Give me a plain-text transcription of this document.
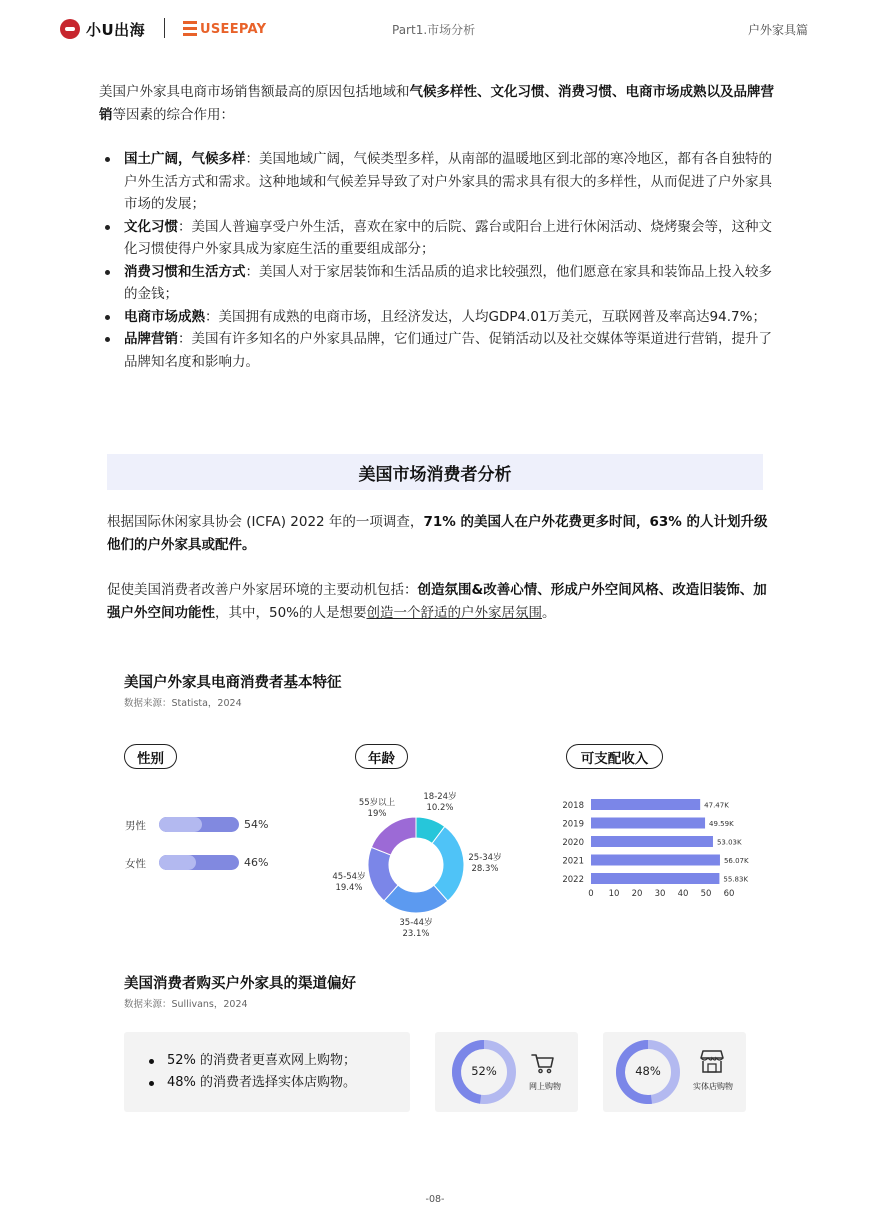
小U出海	USEEPAY	Part1.市场分析	户外家具篇

美国户外家具电商市场销售额最高的原因包括地域和气候多样性、文化习惯、消费习惯、电商市场成熟以及品牌营销等因素的综合作用：

国土广阔，气候多样：美国地域广阔，气候类型多样，从南部的温暖地区到北部的寒冷地区，都有各自独特的户外生活方式和需求。这种地域和气候差异导致了对户外家具的需求具有很大的多样性，从而促进了户外家具市场的发展；
文化习惯：美国人普遍享受户外生活，喜欢在家中的后院、露台或阳台上进行休闲活动、烧烤聚会等，这种文化习惯使得户外家具成为家庭生活的重要组成部分；
消费习惯和生活方式：美国人对于家居装饰和生活品质的追求比较强烈，他们愿意在家具和装饰品上投入较多的金钱；
电商市场成熟：美国拥有成熟的电商市场，且经济发达，人均GDP4.01万美元，互联网普及率高达94.7%；
品牌营销：美国有许多知名的户外家具品牌，它们通过广告、促销活动以及社交媒体等渠道进行营销，提升了品牌知名度和影响力。
美国市场消费者分析

根据国际休闲家具协会 (ICFA) 2022 年的一项调查，71% 的美国人在户外花费更多时间，63% 的人计划升级他们的户外家具或配件。

促使美国消费者改善户外家居环境的主要动机包括：创造氛围&改善心情、形成户外空间风格、改造旧装饰、加强户外空间功能性，其中，50%的人是想要创造一个舒适的户外家居氛围。

美国户外家具电商消费者基本特征
数据来源：Statista，2024
性别	年龄	可支配收入
男性	54%
女性	46%
18-24岁
10.2%
25-34岁
28.3%
35-44岁
23.1%
45-54岁
19.4%
55岁以上
19%
2018	47.47K
2019	49.59K
2020	53.03K
2021	56.07K
2022	55.83K
0 10 20 30 40 50 60
美国消费者购买户外家具的渠道偏好
数据来源：Sullivans，2024
52% 的消费者更喜欢网上购物；
48% 的消费者选择实体店购物。
52%
网上购物
48%
实体店购物
-08-
